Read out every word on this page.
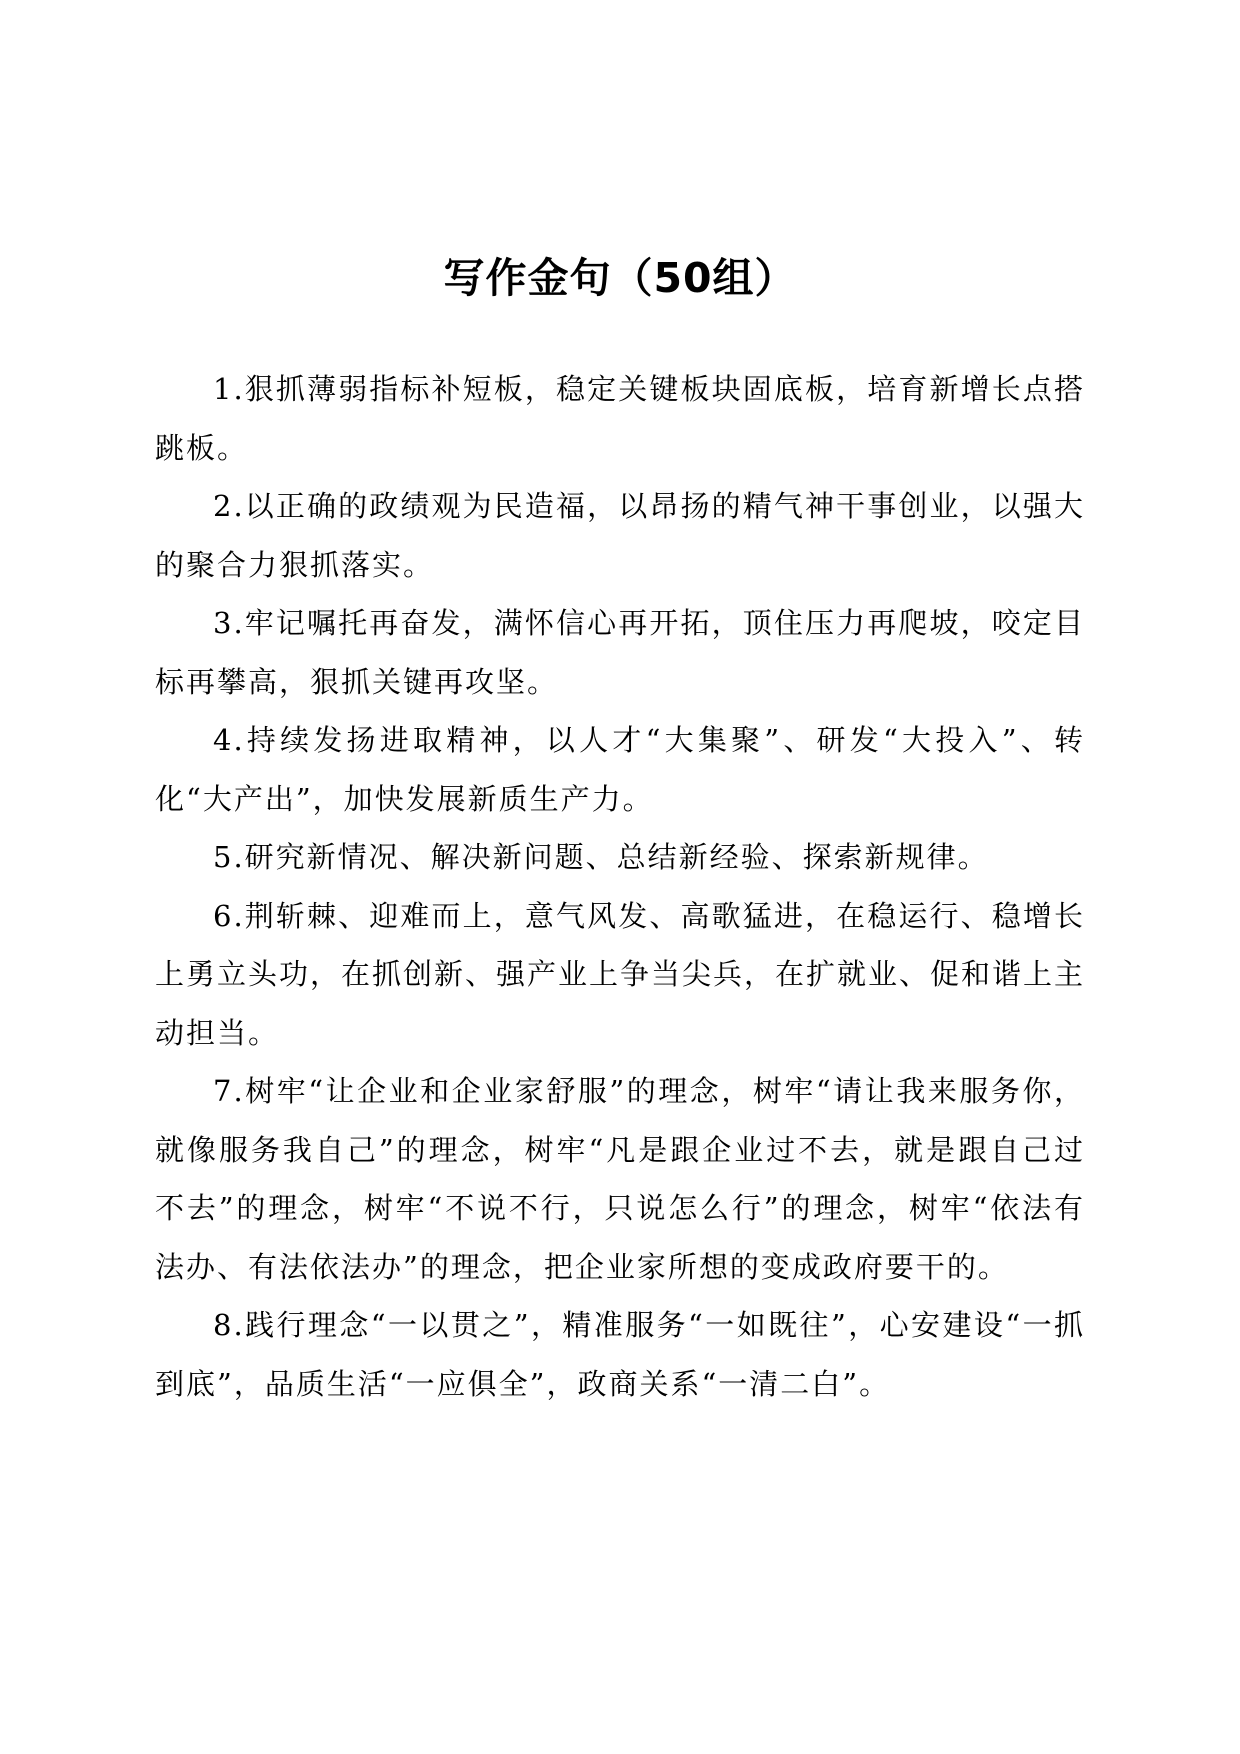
写作金句（50组）

1.狠抓薄弱指标补短板，稳定关键板块固底板，培育新增长点搭跳板。

2.以正确的政绩观为民造福，以昂扬的精气神干事创业，以强大的聚合力狠抓落实。

3.牢记嘱托再奋发，满怀信心再开拓，顶住压力再爬坡，咬定目标再攀高，狠抓关键再攻坚。

4.持续发扬进取精神，以人才“大集聚”、研发“大投入”、转化“大产出”，加快发展新质生产力。

5.研究新情况、解决新问题、总结新经验、探索新规律。

6.荆斩棘、迎难而上，意气风发、高歌猛进，在稳运行、稳增长上勇立头功，在抓创新、强产业上争当尖兵，在扩就业、促和谐上主动担当。

7.树牢“让企业和企业家舒服”的理念，树牢“请让我来服务你，就像服务我自己”的理念，树牢“凡是跟企业过不去，就是跟自己过不去”的理念，树牢“不说不行，只说怎么行”的理念，树牢“依法有法办、有法依法办”的理念，把企业家所想的变成政府要干的。

8.践行理念“一以贯之”，精准服务“一如既往”，心安建设“一抓到底”，品质生活“一应俱全”，政商关系“一清二白”。
